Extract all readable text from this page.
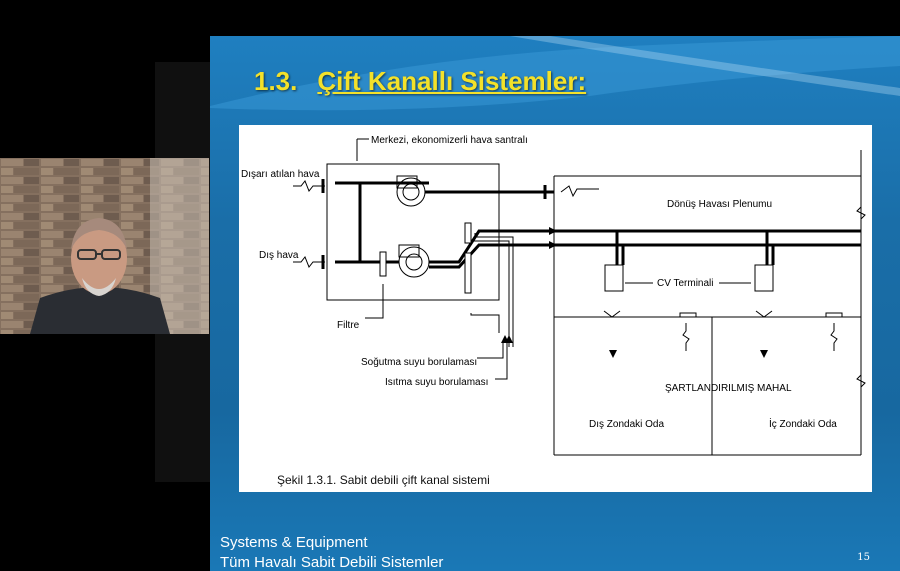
1.3. Çift Kanallı Sistemler:
Merkezi, ekonomizerli hava santralı
Dışarı atılan hava
Dış hava
Filtre
Soğutma suyu borulaması
Isıtma suyu borulaması
Dönüş Havası Plenumu
CV Terminali
ŞARTLANDIRILMIŞ MAHAL
Dış Zondaki Oda	İç Zondaki Oda
Şekil 1.3.1. Sabit debili çift kanal sistemi
Systems & Equipment
Tüm Havalı Sabit Debili Sistemler	15
